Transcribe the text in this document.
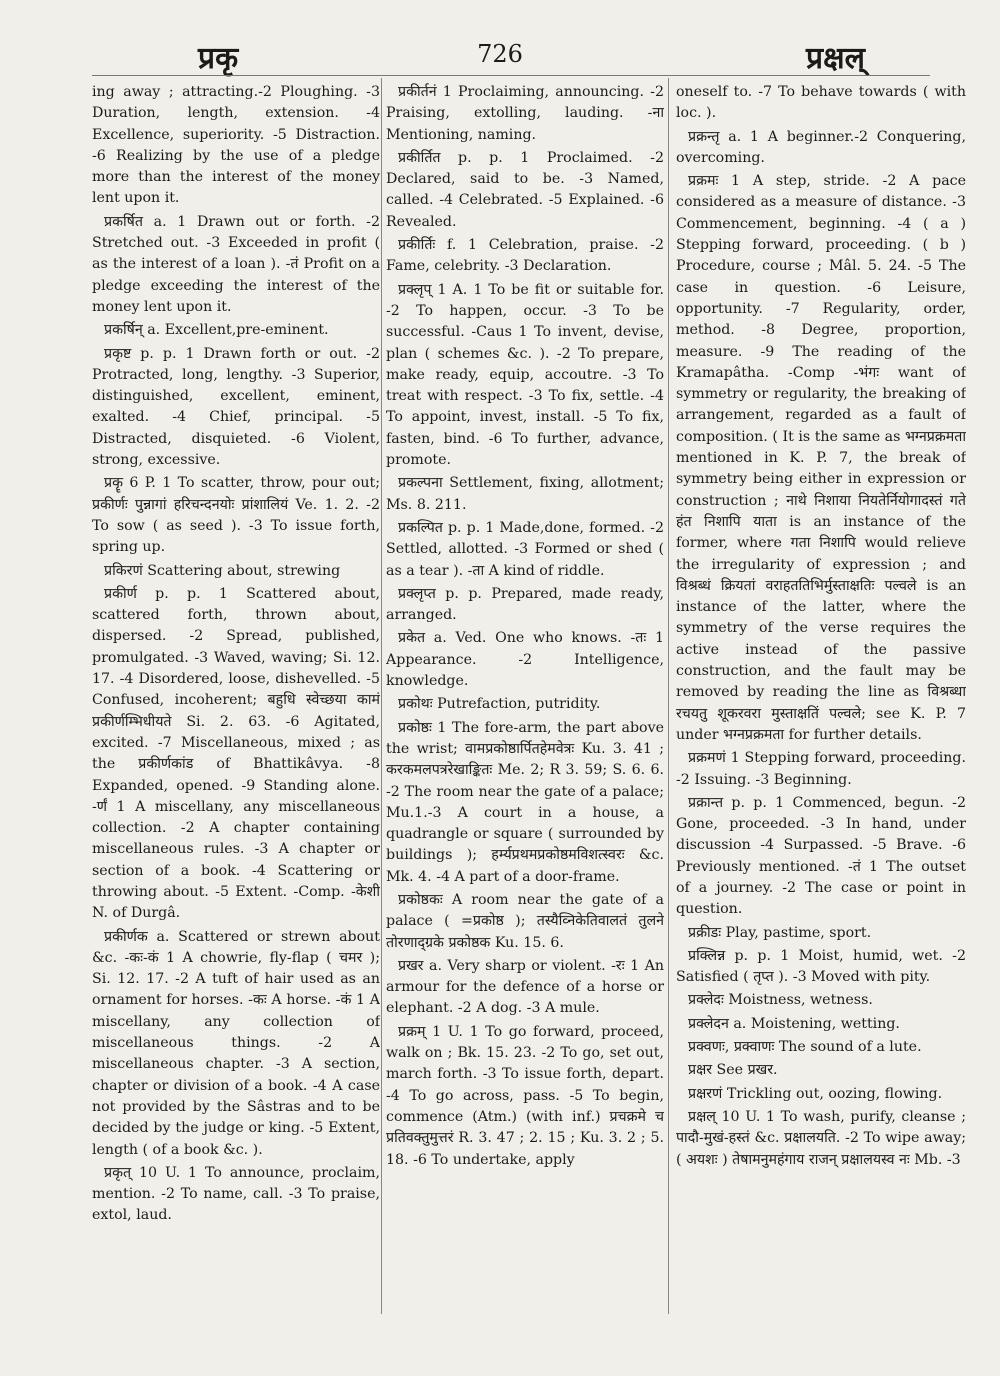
प्रकृ	726	प्रक्षल्

ing away ; attracting.-2 Ploughing. -3 Duration, length, extension. -4 Excellence, superiority. -5 Distraction. -6 Realizing by the use of a pledge more than the interest of the money lent upon it.

प्रकर्षित a. 1 Drawn out or forth. -2 Stretched out. -3 Exceeded in profit ( as the interest of a loan ). -तं Profit on a pledge exceeding the interest of the money lent upon it.

प्रकर्षिन् a. Excellent,pre-eminent.

प्रकृष्ट p. p. 1 Drawn forth or out. -2 Protracted, long, lengthy. -3 Superior, distinguished, excellent, eminent, exalted. -4 Chief, principal. -5 Distracted, disquieted. -6 Violent, strong, excessive.

प्रकॄ 6 P. 1 To scatter, throw, pour out; प्रकीर्णः पुन्नागां हरिचन्दनयोः प्रांशालियं Ve. 1. 2. -2 To sow ( as seed ). -3 To issue forth, spring up.

प्रकिरणं Scattering about, strewing

प्रकीर्ण p. p. 1 Scattered about, scattered forth, thrown about, dispersed. -2 Spread, published, promulgated. -3 Waved, waving; Si. 12. 17. -4 Disordered, loose, dishevelled. -5 Confused, incoherent; बहुधि स्वेच्छया कामं प्रकीर्णम्भिधीयते Si. 2. 63. -6 Agitated, excited. -7 Miscellaneous, mixed ; as the प्रकीर्णकांड of Bhattikâvya. -8 Expanded, opened. -9 Standing alone. -र्णं 1 A miscellany, any miscellaneous collection. -2 A chapter containing miscellaneous rules. -3 A chapter or section of a book. -4 Scattering or throwing about. -5 Extent. -Comp. -केशी N. of Durgâ.

प्रकीर्णक a. Scattered or strewn about &c. -कः-कं 1 A chowrie, fly-flap ( चमर ); Si. 12. 17. -2 A tuft of hair used as an ornament for horses. -कः A horse. -कं 1 A miscellany, any collection of miscellaneous things. -2 A miscellaneous chapter. -3 A section, chapter or division of a book. -4 A case not provided by the Sâstras and to be decided by the judge or king. -5 Extent, length ( of a book &c. ).

प्रकृत् 10 U. 1 To announce, proclaim, mention. -2 To name, call. -3 To praise, extol, laud.

प्रकीर्तनं 1 Proclaiming, announcing. -2 Praising, extolling, lauding. -ना Mentioning, naming.

प्रकीर्तित p. p. 1 Proclaimed. -2 Declared, said to be. -3 Named, called. -4 Celebrated. -5 Explained. -6 Revealed.

प्रकीर्तिः f. 1 Celebration, praise. -2 Fame, celebrity. -3 Declaration.

प्रक्लृप् 1 A. 1 To be fit or suitable for. -2 To happen, occur. -3 To be successful. -Caus 1 To invent, devise, plan ( schemes &c. ). -2 To prepare, make ready, equip, accoutre. -3 To treat with respect. -3 To fix, settle. -4 To appoint, invest, install. -5 To fix, fasten, bind. -6 To further, advance, promote.

प्रकल्पना Settlement, fixing, allotment; Ms. 8. 211.

प्रकल्पित p. p. 1 Made,done, formed. -2 Settled, allotted. -3 Formed or shed ( as a tear ). -ता A kind of riddle.

प्रक्लृप्त p. p. Prepared, made ready, arranged.

प्रकेत a. Ved. One who knows. -तः 1 Appearance. -2 Intelligence, knowledge.

प्रकोथः Putrefaction, putridity.

प्रकोष्ठः 1 The fore-arm, the part above the wrist; वामप्रकोष्ठार्पितहेमवेत्रः Ku. 3. 41 ; करकमलपत्ररेखाङ्कितः Me. 2; R 3. 59; S. 6. 6. -2 The room near the gate of a palace; Mu.1.-3 A court in a house, a quadrangle or square ( surrounded by buildings ); हर्म्यप्रथमप्रकोष्ठमविशत्स्वरः &c. Mk. 4. -4 A part of a door-frame.

प्रकोष्ठकः A room near the gate of a palace ( =प्रकोष्ठ ); तस्यैव्निकेतिवालतं तुलने तोरणाद्ग्रके प्रकोष्ठक Ku. 15. 6.

प्रखर a. Very sharp or violent. -रः 1 An armour for the defence of a horse or elephant. -2 A dog. -3 A mule.

प्रक्रम् 1 U. 1 To go forward, proceed, walk on ; Bk. 15. 23. -2 To go, set out, march forth. -3 To issue forth, depart. -4 To go across, pass. -5 To begin, commence (Atm.) (with inf.) प्रचक्रमे च प्रतिवक्तुमुत्तरं R. 3. 47 ; 2. 15 ; Ku. 3. 2 ; 5. 18. -6 To undertake, apply

oneself to. -7 To behave towards ( with loc. ).

प्रक्रन्तृ a. 1 A beginner.-2 Conquering, overcoming.

प्रक्रमः 1 A step, stride. -2 A pace considered as a measure of distance. -3 Commencement, beginning. -4 ( a ) Stepping forward, proceeding. ( b ) Procedure, course ; Mâl. 5. 24. -5 The case in question. -6 Leisure, opportunity. -7 Regularity, order, method. -8 Degree, proportion, measure. -9 The reading of the Kramapâtha. -Comp -भंगः want of symmetry or regularity, the breaking of arrangement, regarded as a fault of composition. ( It is the same as भग्नप्रक्रमता mentioned in K. P. 7, the break of symmetry being either in expression or construction ; नाथे निशाया नियतेर्नियोगादस्तं गते हंत निशापि याता is an instance of the former, where गता निशापि would relieve the irregularity of expression ; and विश्रब्धं क्रियतां वराहततिभिर्मुस्ताक्षतिः पल्वले is an instance of the latter, where the symmetry of the verse requires the active instead of the passive construction, and the fault may be removed by reading the line as विश्रब्धा रचयतु शूकरवरा मुस्ताक्षतिं पल्वले; see K. P. 7 under भग्नप्रक्रमता for further details.

प्रक्रमणं 1 Stepping forward, proceeding. -2 Issuing. -3 Beginning.

प्रक्रान्त p. p. 1 Commenced, begun. -2 Gone, proceeded. -3 In hand, under discussion -4 Surpassed. -5 Brave. -6 Previously mentioned. -तं 1 The outset of a journey. -2 The case or point in question.

प्रक्रीडः Play, pastime, sport.

प्रक्लिन्न p. p. 1 Moist, humid, wet. -2 Satisfied ( तृप्त ). -3 Moved with pity.

प्रक्लेदः Moistness, wetness.

प्रक्लेदन a. Moistening, wetting.

प्रक्वणः, प्रक्वाणः The sound of a lute.

प्रक्षर See प्रखर.

प्रक्षरणं Trickling out, oozing, flowing.

प्रक्षल् 10 U. 1 To wash, purify, cleanse ; पादौ-मुखं-हस्तं &c. प्रक्षालयति. -2 To wipe away; ( अयशः ) तेषामनुमहंगाय राजन् प्रक्षालयस्व नः Mb. -3
